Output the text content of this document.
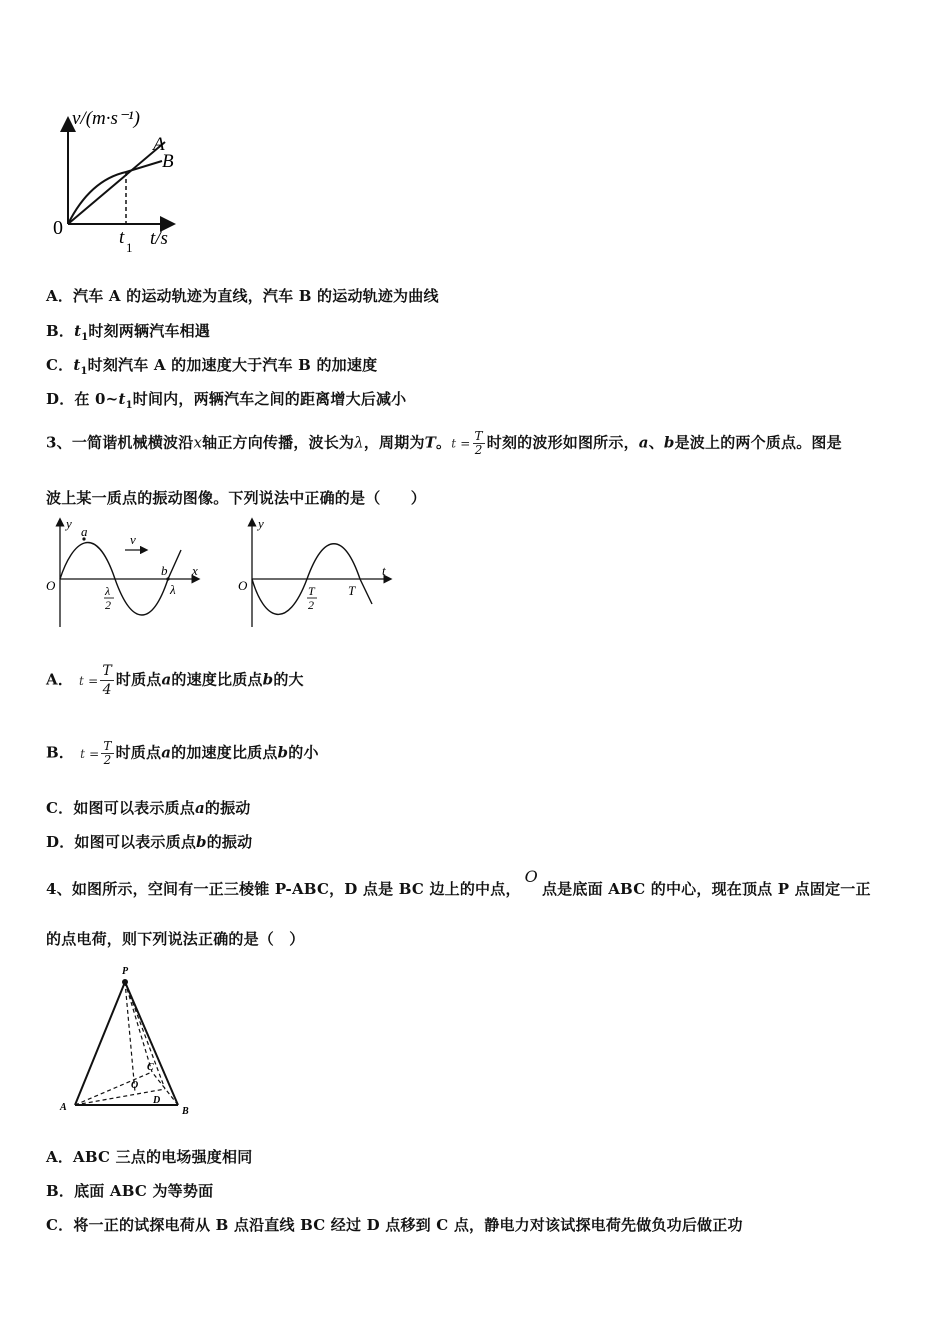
v/(m·s⁻¹)
0	t 1 t/s
A
B
A．汽车 A 的运动轨迹为直线，汽车 B 的运动轨迹为曲线
B．$t_1$时刻两辆汽车相遇
C．$t_1$时刻汽车 A 的加速度大于汽车 B 的加速度
D．在 $0\sim t_1$时间内，两辆汽车之间的距离增大后减小
3、一简谐机械横波沿x轴正方向传播，波长为λ，周期为T。$t = \frac{T}{2}$ 时刻的波形如图所示，a、b是波上的两个质点。图是
波上某一质点的振动图像。下列说法中正确的是（　　）
y
x
O
a
b
v
λ
2
λ
y
t
O	T
2
T
A． $t = \frac{T}{4}$ 时质点a的速度比质点b的大
B． $t = \frac{T}{2}$ 时质点a的加速度比质点b的小
C．如图可以表示质点a的振动
D．如图可以表示质点b的振动
4、如图所示，空间有一正三棱锥 P-ABC，D 点是 BC 边上的中点，O点是底面 ABC 的中心，现在顶点 P 点固定一正
的点电荷，则下列说法正确的是（　）
P
A	B
C
O
D
A．ABC 三点的电场强度相同
B．底面 ABC 为等势面
C．将一正的试探电荷从 B 点沿直线 BC 经过 D 点移到 C 点，静电力对该试探电荷先做负功后做正功
